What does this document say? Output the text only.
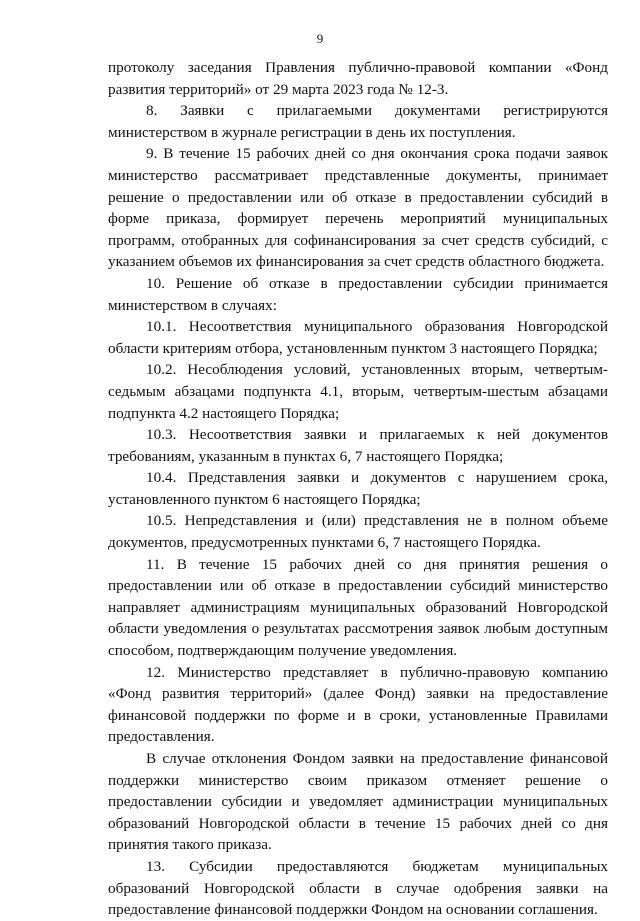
9

протоколу заседания Правления публично-правовой компании «Фонд развития территорий» от 29 марта 2023 года № 12-3.

8. Заявки с прилагаемыми документами регистрируются министерством в журнале регистрации в день их поступления.

9. В течение 15 рабочих дней со дня окончания срока подачи заявок министерство рассматривает представленные документы, принимает решение о предоставлении или об отказе в предоставлении субсидий в форме приказа, формирует перечень мероприятий муниципальных программ, отобранных для софинансирования за счет средств субсидий, с указанием объемов их финансирования за счет средств областного бюджета.

10. Решение об отказе в предоставлении субсидии принимается министерством в случаях:

10.1. Несоответствия муниципального образования Новгородской области критериям отбора, установленным пунктом 3 настоящего Порядка;

10.2. Несоблюдения условий, установленных вторым, четвертым-седьмым абзацами подпункта 4.1, вторым, четвертым-шестым абзацами подпункта 4.2 настоящего Порядка;

10.3. Несоответствия заявки и прилагаемых к ней документов требованиям, указанным в пунктах 6, 7 настоящего Порядка;

10.4. Представления заявки и документов с нарушением срока, установленного пунктом 6 настоящего Порядка;

10.5. Непредставления и (или) представления не в полном объеме документов, предусмотренных пунктами 6, 7 настоящего Порядка.

11. В течение 15 рабочих дней со дня принятия решения о предоставлении или об отказе в предоставлении субсидий министерство направляет администрациям муниципальных образований Новгородской области уведомления о результатах рассмотрения заявок любым доступным способом, подтверждающим получение уведомления.

12. Министерство представляет в публично-правовую компанию «Фонд развития территорий» (далее Фонд) заявки на предоставление финансовой поддержки по форме и в сроки, установленные Правилами предоставления.

В случае отклонения Фондом заявки на предоставление финансовой поддержки министерство своим приказом отменяет решение о предоставлении субсидии и уведомляет администрации муниципальных образований Новгородской области в течение 15 рабочих дней со дня принятия такого приказа.

13. Субсидии предоставляются бюджетам муниципальных образований Новгородской области в случае одобрения заявки на предоставление финансовой поддержки Фондом на основании соглашения.
